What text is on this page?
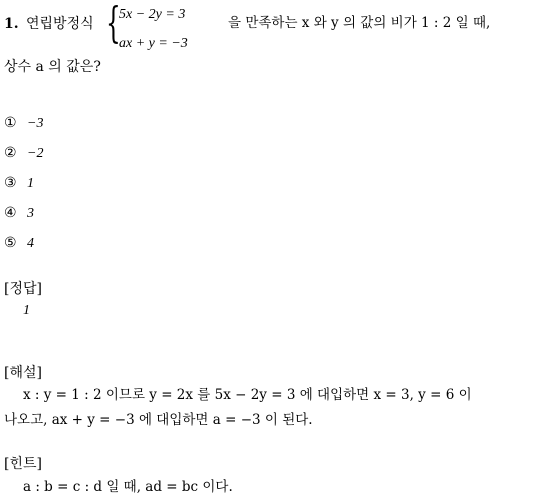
1. 연립방정식 {
5x − 2y = 3
ax + y = −3
을 만족하는 x 와 y 의 값의 비가 1 : 2 일 때,
상수 a 의 값은?
① −3
② −2
③ 1
④ 3
⑤ 4
[정답]
1
[해설]
x : y = 1 : 2 이므로 y = 2x 를 5x − 2y = 3 에 대입하면 x = 3, y = 6 이
나오고, ax + y = −3 에 대입하면 a = −3 이 된다.
[힌트]
a : b = c : d 일 때, ad = bc 이다.
